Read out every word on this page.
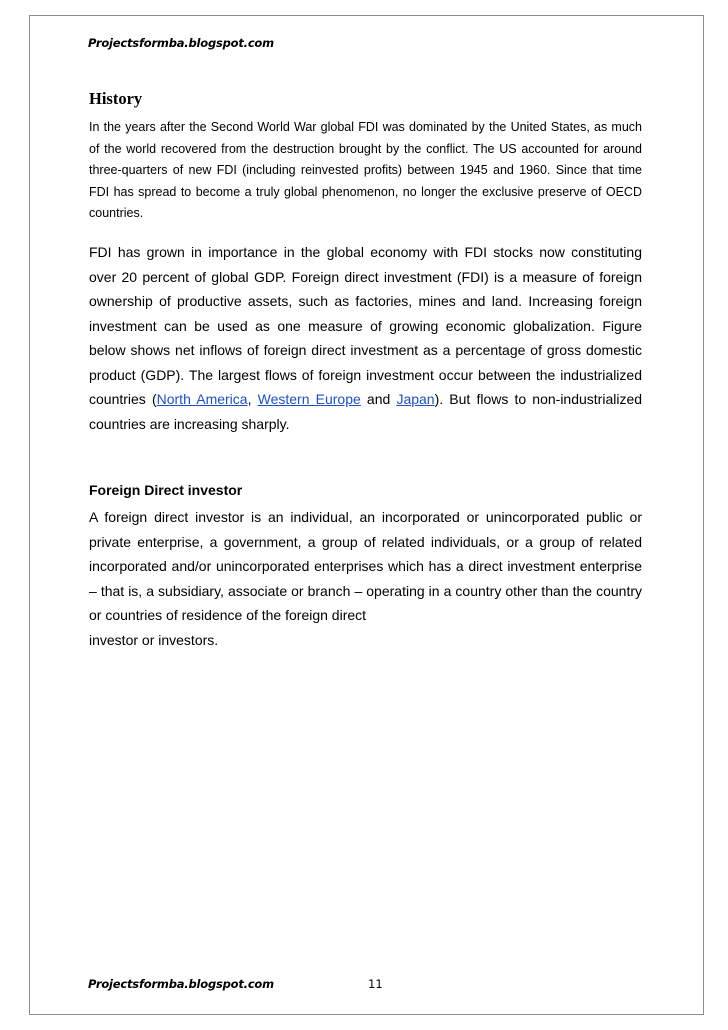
Projectsformba.blogspot.com
History

In the years after the Second World War global FDI was dominated by the United States, as much of the world recovered from the destruction brought by the conflict. The US accounted for around three-quarters of new FDI (including reinvested profits) between 1945 and 1960. Since that time FDI has spread to become a truly global phenomenon, no longer the exclusive preserve of OECD countries.

FDI has grown in importance in the global economy with FDI stocks now constituting over 20 percent of global GDP. Foreign direct investment (FDI) is a measure of foreign ownership of productive assets, such as factories, mines and land. Increasing foreign investment can be used as one measure of growing economic globalization. Figure below shows net inflows of foreign direct investment as a percentage of gross domestic product (GDP). The largest flows of foreign investment occur between the industrialized countries (North America, Western Europe and Japan). But flows to non-industrialized countries are increasing sharply.

Foreign Direct investor

A foreign direct investor is an individual, an incorporated or unincorporated public or private enterprise, a government, a group of related individuals, or a group of related incorporated and/or unincorporated enterprises which has a direct investment enterprise – that is, a subsidiary, associate or branch – operating in a country other than the country or countries of residence of the foreign direct
investor or investors.

Projectsformba.blogspot.com	11
